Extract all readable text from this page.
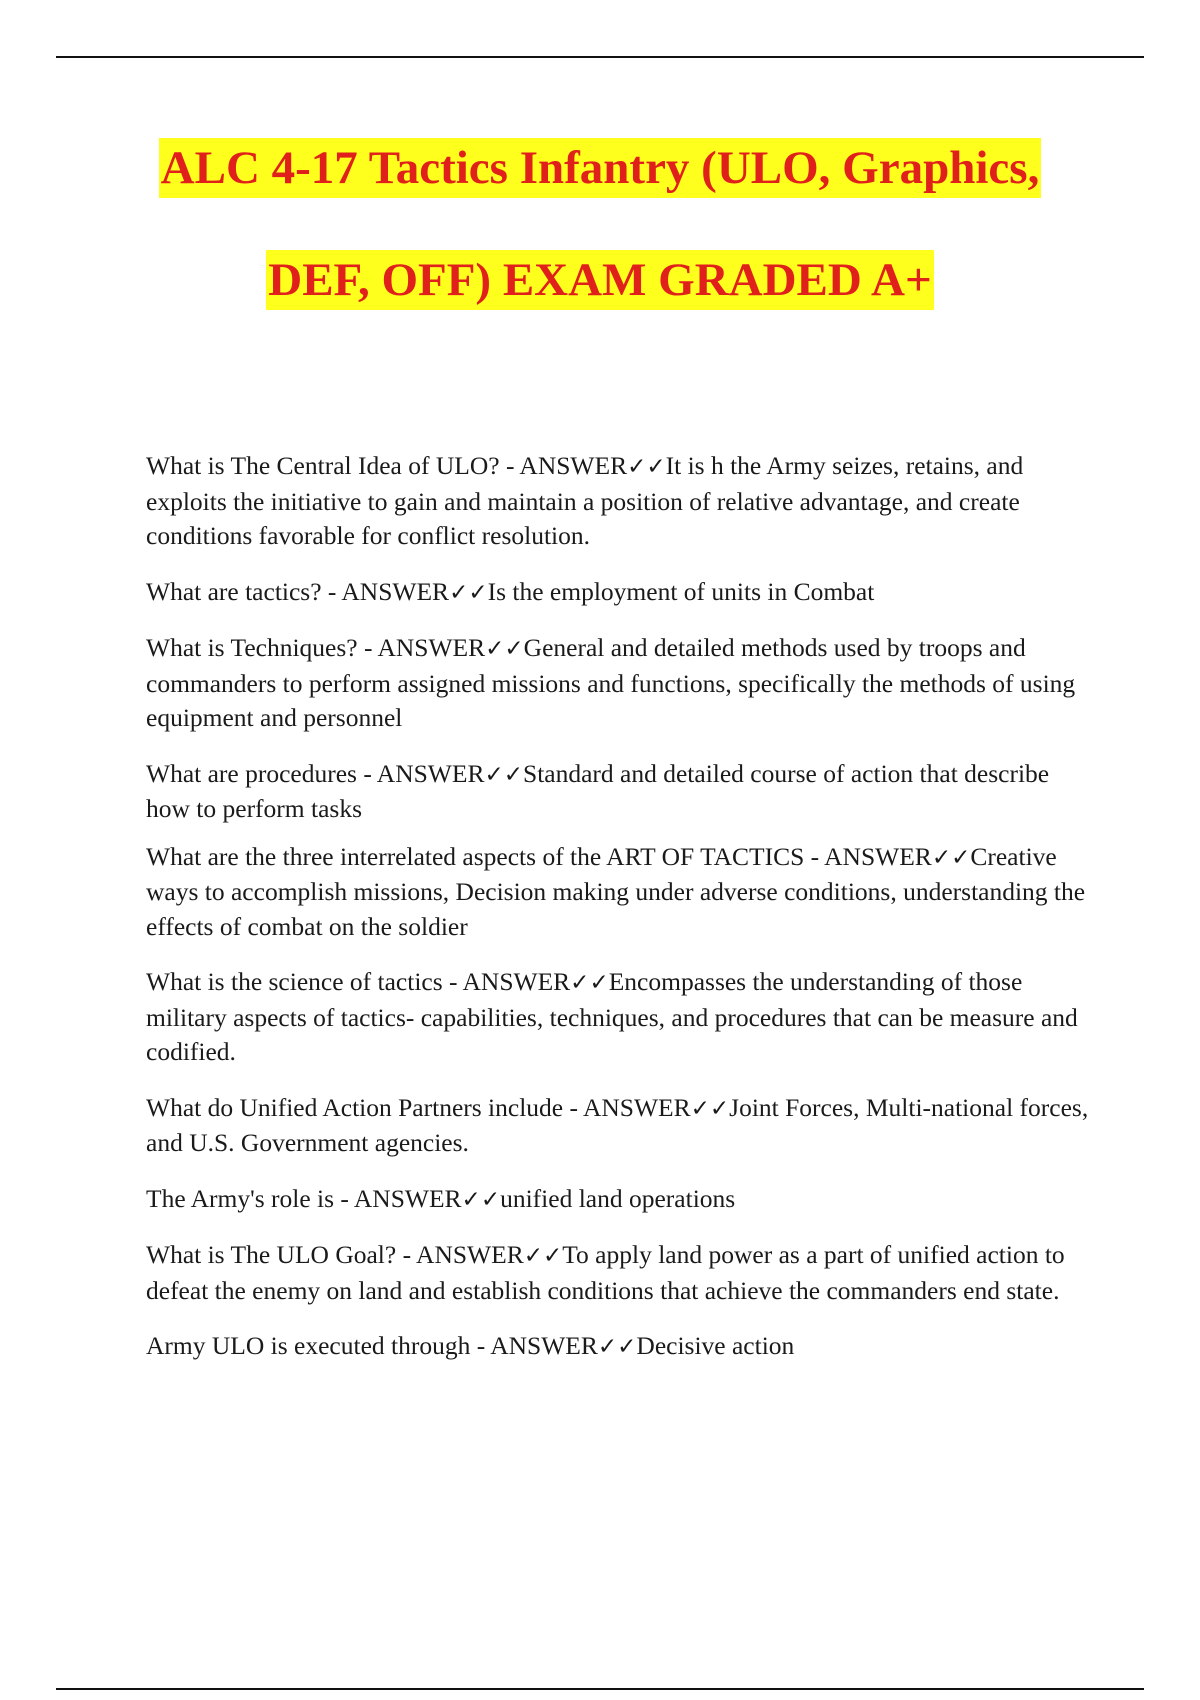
ALC 4-17 Tactics Infantry (ULO, Graphics,
DEF, OFF) EXAM GRADED A+
What is The Central Idea of ULO? - ANSWER✓✓It is h the Army seizes, retains, and exploits the initiative to gain and maintain a position of relative advantage, and create conditions favorable for conflict resolution.
What are tactics? - ANSWER✓✓Is the employment of units in Combat
What is Techniques? - ANSWER✓✓General and detailed methods used by troops and commanders to perform assigned missions and functions, specifically the methods of using equipment and personnel
What are procedures - ANSWER✓✓Standard and detailed course of action that describe how to perform tasks
What are the three interrelated aspects of the ART OF TACTICS - ANSWER✓✓Creative ways to accomplish missions, Decision making under adverse conditions, understanding the effects of combat on the soldier
What is the science of tactics - ANSWER✓✓Encompasses the understanding of those military aspects of tactics- capabilities, techniques, and procedures that can be measure and codified.
What do Unified Action Partners include - ANSWER✓✓Joint Forces, Multi-national forces, and U.S. Government agencies.
The Army's role is - ANSWER✓✓unified land operations
What is The ULO Goal? - ANSWER✓✓To apply land power as a part of unified action to defeat the enemy on land and establish conditions that achieve the commanders end state.
Army ULO is executed through - ANSWER✓✓Decisive action
